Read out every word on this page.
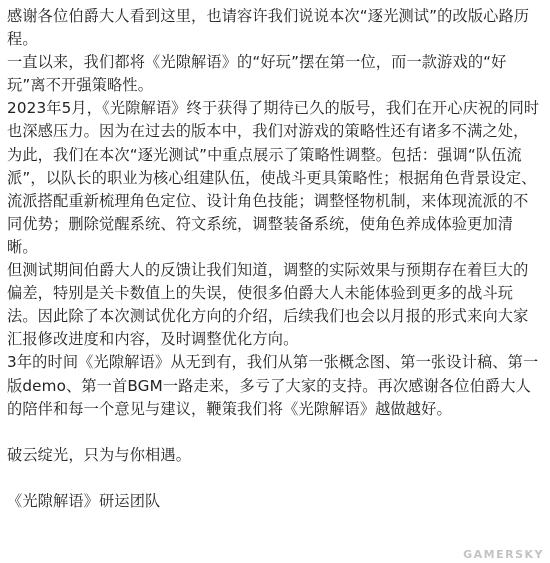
感谢各位伯爵大人看到这里，也请容许我们说说本次“逐光测试”的改版心路历程。

一直以来，我们都将《光隙解语》的“好玩”摆在第一位，而一款游戏的“好玩”离不开强策略性。

2023年5月，《光隙解语》终于获得了期待已久的版号，我们在开心庆祝的同时也深感压力。因为在过去的版本中，我们对游戏的策略性还有诸多不满之处，为此，我们在本次“逐光测试”中重点展示了策略性调整。包括：强调“队伍流派”，以队长的职业为核心组建队伍，使战斗更具策略性；根据角色背景设定、流派搭配重新梳理角色定位、设计角色技能；调整怪物机制，来体现流派的不同优势；删除觉醒系统、符文系统，调整装备系统，使角色养成体验更加清晰。

但测试期间伯爵大人的反馈让我们知道，调整的实际效果与预期存在着巨大的偏差，特别是关卡数值上的失误，使很多伯爵大人未能体验到更多的战斗玩法。因此除了本次测试优化方向的介绍，后续我们也会以月报的形式来向大家汇报修改进度和内容，及时调整优化方向。

3年的时间《光隙解语》从无到有，我们从第一张概念图、第一张设计稿、第一版demo、第一首BGM一路走来，多亏了大家的支持。再次感谢各位伯爵大人的陪伴和每一个意见与建议，鞭策我们将《光隙解语》越做越好。

破云绽光，只为与你相遇。

《光隙解语》研运团队

GAMERSKY
